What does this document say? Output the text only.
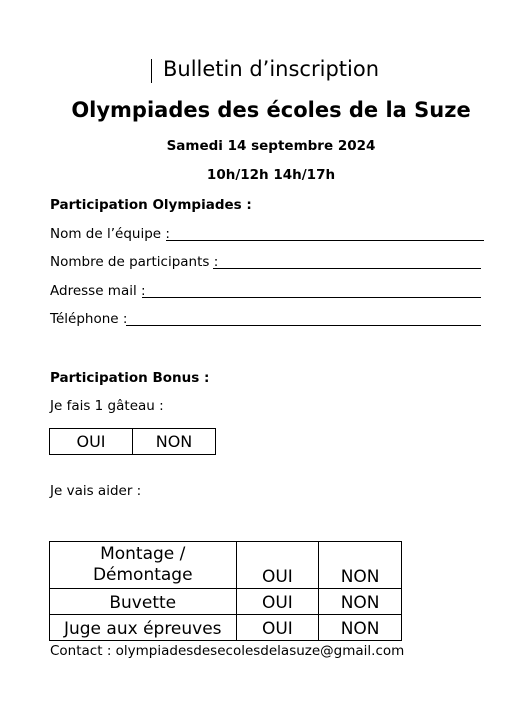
Bulletin d’inscription
Olympiades des écoles de la Suze
Samedi 14 septembre 2024
10h/12h 14h/17h
Participation Olympiades :
Nom de l’équipe :
Nombre de participants :
Adresse mail :
Téléphone :
Participation Bonus :
Je fais 1 gâteau :
OUI	NON
Je vais aider :
Montage / Démontage	OUI	NON
Buvette	OUI	NON
Juge aux épreuves	OUI	NON
Contact : olympiadesdesecolesdelasuze@gmail.com
